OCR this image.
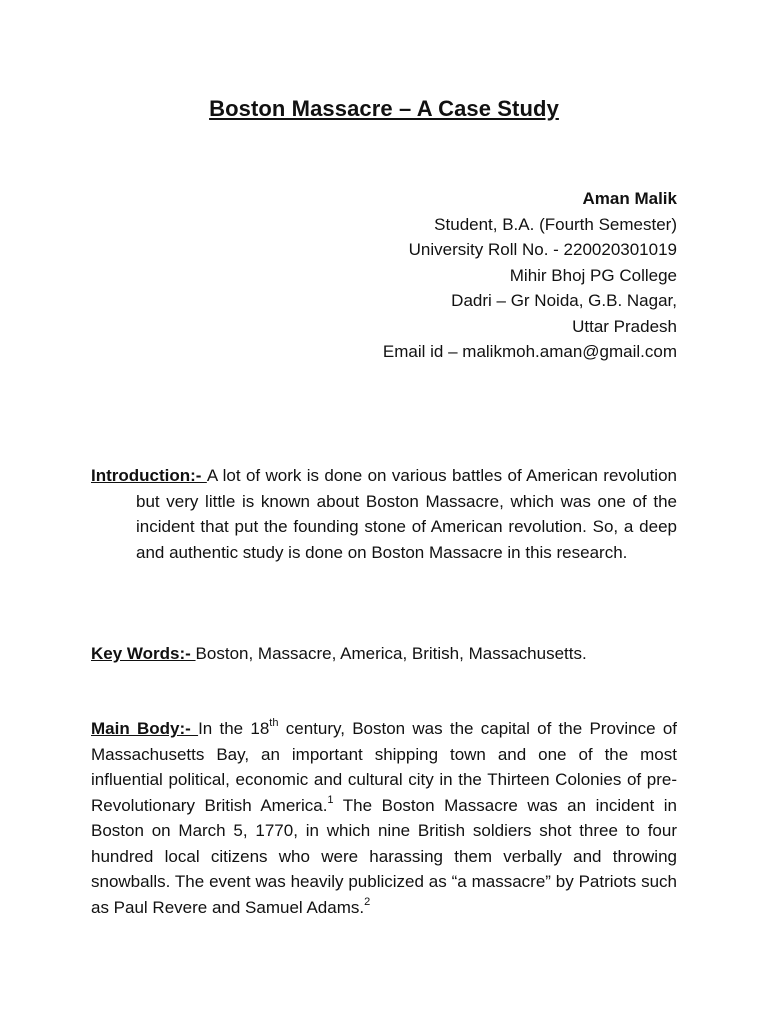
Boston Massacre – A Case Study
Aman Malik
Student, B.A. (Fourth Semester)
University Roll No. - 220020301019
Mihir Bhoj PG College
Dadri – Gr Noida, G.B. Nagar,
Uttar Pradesh
Email id – malikmoh.aman@gmail.com
Introduction:- A lot of work is done on various battles of American revolution but very little is known about Boston Massacre, which was one of the incident that put the founding stone of American revolution. So, a deep and authentic study is done on Boston Massacre in this research.
Key Words:- Boston, Massacre, America, British, Massachusetts.
Main Body:- In the 18th century, Boston was the capital of the Province of Massachusetts Bay, an important shipping town and one of the most influential political, economic and cultural city in the Thirteen Colonies of pre-Revolutionary British America.$^1$ The Boston Massacre was an incident in Boston on March 5, 1770, in which nine British soldiers shot three to four hundred local citizens who were harassing them verbally and throwing snowballs. The event was heavily publicized as “a massacre” by Patriots such as Paul Revere and Samuel Adams.$^2$
